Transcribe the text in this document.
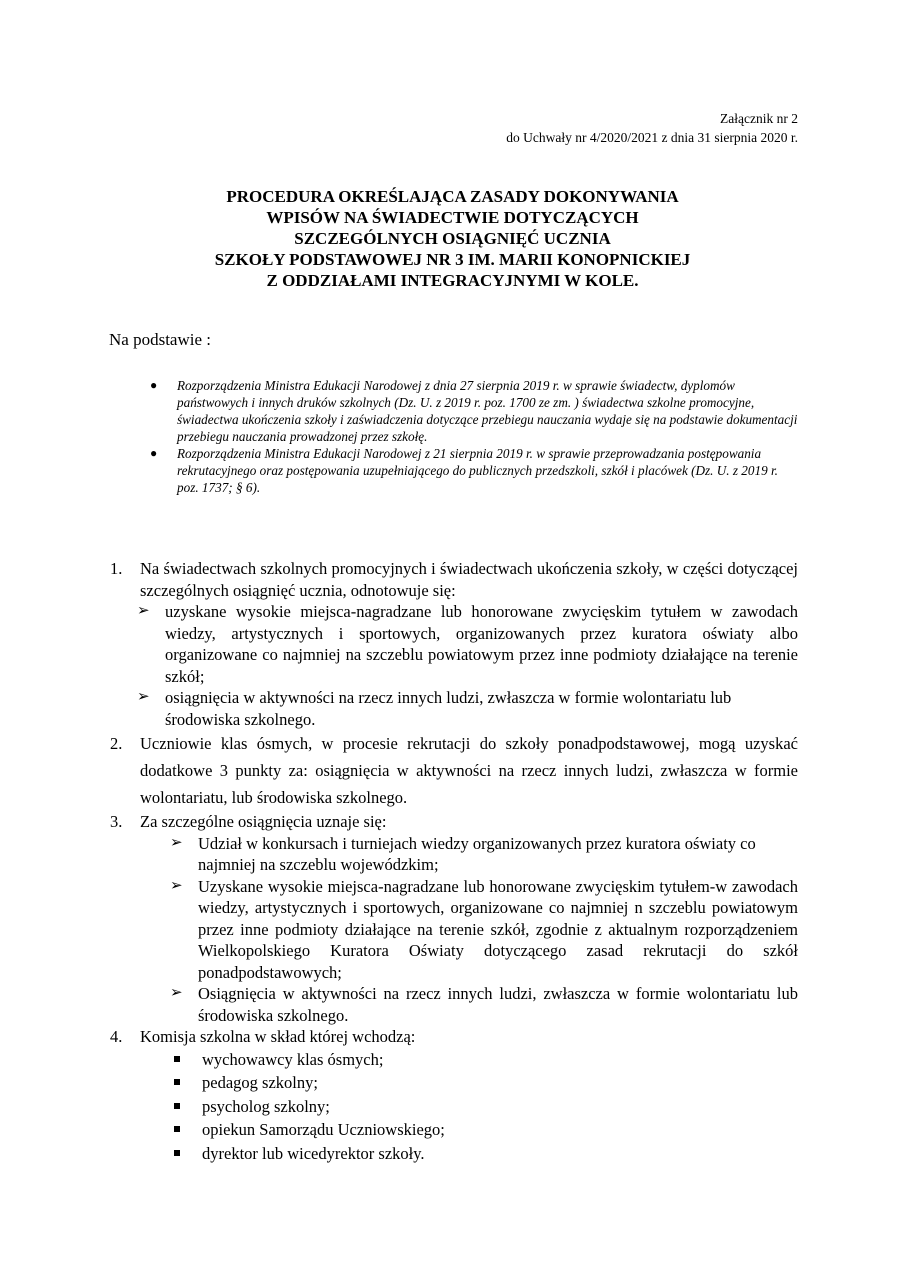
Załącznik nr 2
do Uchwały nr 4/2020/2021 z dnia 31 sierpnia 2020 r.
PROCEDURA OKREŚLAJĄCA ZASADY DOKONYWANIA
WPISÓW NA ŚWIADECTWIE DOTYCZĄCYCH
SZCZEGÓLNYCH OSIĄGNIĘĆ UCZNIA
SZKOŁY PODSTAWOWEJ NR 3 IM. MARII KONOPNICKIEJ
Z ODDZIAŁAMI INTEGRACYJNYMI W KOLE.
Na podstawie :
● Rozporządzenia Ministra Edukacji Narodowej z dnia 27 sierpnia 2019 r. w sprawie świadectw, dyplomów państwowych i innych druków szkolnych (Dz. U. z 2019 r. poz. 1700 ze zm. ) świadectwa szkolne promocyjne, świadectwa ukończenia szkoły i zaświadczenia dotyczące przebiegu nauczania wydaje się na podstawie dokumentacji przebiegu nauczania prowadzonej przez szkołę.
● Rozporządzenia Ministra Edukacji Narodowej z 21 sierpnia 2019 r. w sprawie przeprowadzania postępowania rekrutacyjnego oraz postępowania uzupełniającego do publicznych przedszkoli, szkół i placówek (Dz. U. z 2019 r. poz. 1737; § 6).
1. Na świadectwach szkolnych promocyjnych i świadectwach ukończenia szkoły, w części dotyczącej szczególnych osiągnięć ucznia, odnotowuje się:
➢ uzyskane wysokie miejsca-nagradzane lub honorowane zwycięskim tytułem w zawodach wiedzy, artystycznych i sportowych, organizowanych przez kuratora oświaty albo organizowane co najmniej na szczeblu powiatowym przez inne podmioty działające na terenie szkół;
➢ osiągnięcia w aktywności na rzecz innych ludzi, zwłaszcza w formie wolontariatu lub środowiska szkolnego.
2. Uczniowie klas ósmych, w procesie rekrutacji do szkoły ponadpodstawowej, mogą uzyskać dodatkowe 3 punkty za: osiągnięcia w aktywności na rzecz innych ludzi, zwłaszcza w formie wolontariatu, lub środowiska szkolnego.
3. Za szczególne osiągnięcia uznaje się:
➢ Udział w konkursach i turniejach wiedzy organizowanych przez kuratora oświaty co najmniej na szczeblu wojewódzkim;
➢ Uzyskane wysokie miejsca-nagradzane lub honorowane zwycięskim tytułem-w zawodach wiedzy, artystycznych i sportowych, organizowane co najmniej n szczeblu powiatowym przez inne podmioty działające na terenie szkół, zgodnie z aktualnym rozporządzeniem Wielkopolskiego Kuratora Oświaty dotyczącego zasad rekrutacji do szkół ponadpodstawowych;
➢ Osiągnięcia w aktywności na rzecz innych ludzi, zwłaszcza w formie wolontariatu lub środowiska szkolnego.
4. Komisja szkolna w skład której wchodzą:
wychowawcy klas ósmych;
pedagog szkolny;
psycholog szkolny;
opiekun Samorządu Uczniowskiego;
dyrektor lub wicedyrektor szkoły.
